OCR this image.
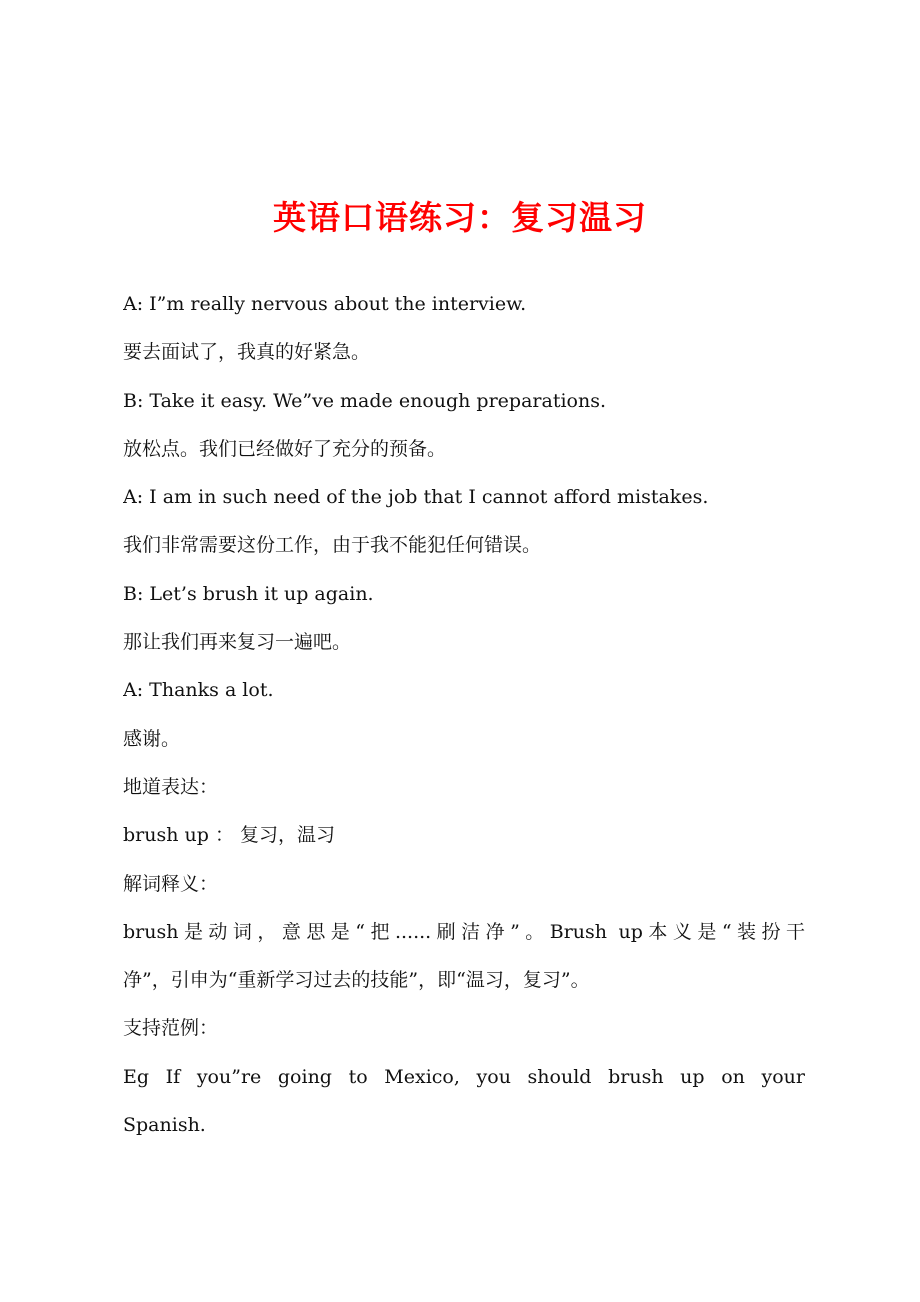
英语口语练习：复习温习

A: I”m really nervous about the interview.

要去面试了，我真的好紧急。

B: Take it easy. We”ve made enough preparations.

放松点。我们已经做好了充分的预备。

A: I am in such need of the job that I cannot afford mistakes.

我们非常需要这份工作，由于我不能犯任何错误。

B: Let’s brush it up again.

那让我们再来复习一遍吧。

A: Thanks a lot.

感谢。

地道表达：

brush up ： 复习，温习

解词释义：

brush是动词，意思是“把......刷洁净”。Brush up本义是“装扮干

净”，引申为“重新学习过去的技能”，即“温习，复习”。

支持范例：

Eg If you”re going to Mexico, you should brush up on your

Spanish.
